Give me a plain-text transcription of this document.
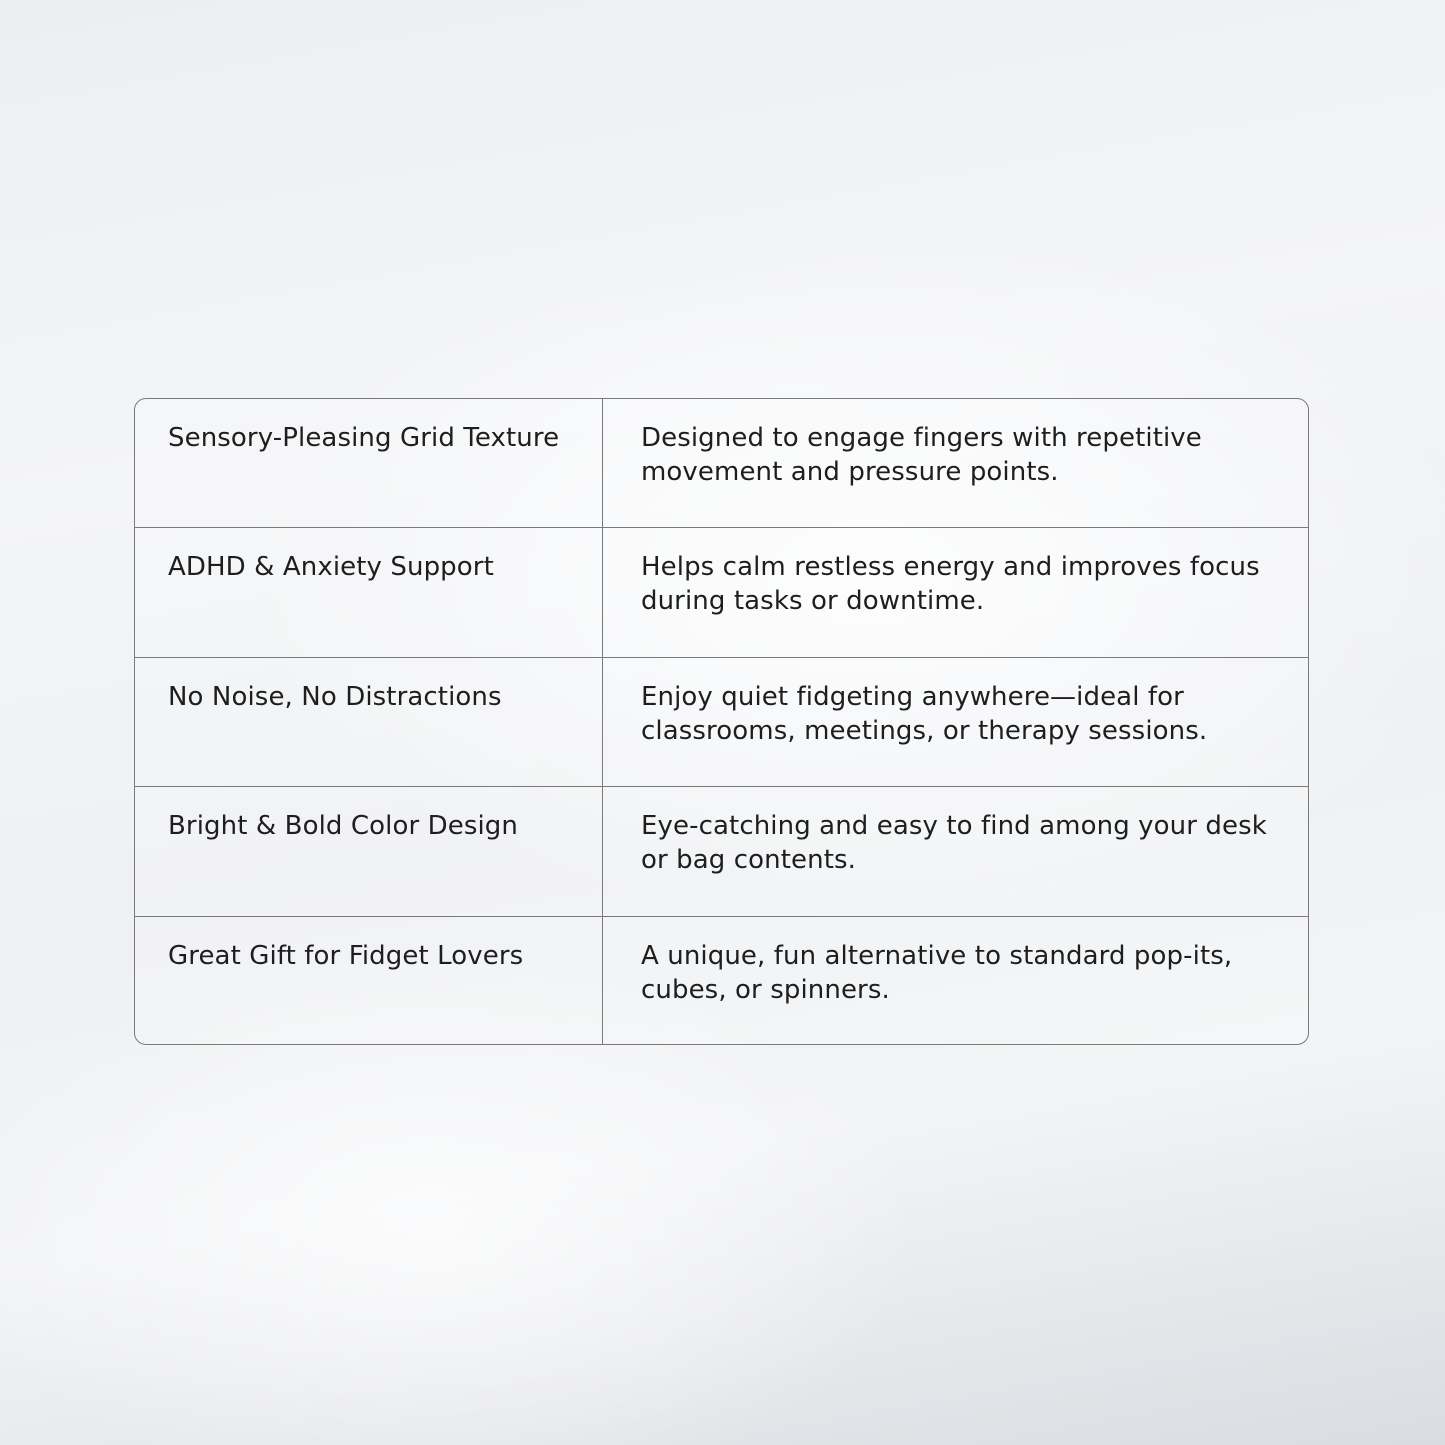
Sensory-Pleasing Grid Texture	Designed to engage fingers with repetitive movement and pressure points.
ADHD & Anxiety Support	Helps calm restless energy and improves focus during tasks or downtime.
No Noise, No Distractions	Enjoy quiet fidgeting anywhere—ideal for classrooms, meetings, or therapy sessions.
Bright & Bold Color Design	Eye-catching and easy to find among your desk or bag contents.
Great Gift for Fidget Lovers	A unique, fun alternative to standard pop-its, cubes, or spinners.
